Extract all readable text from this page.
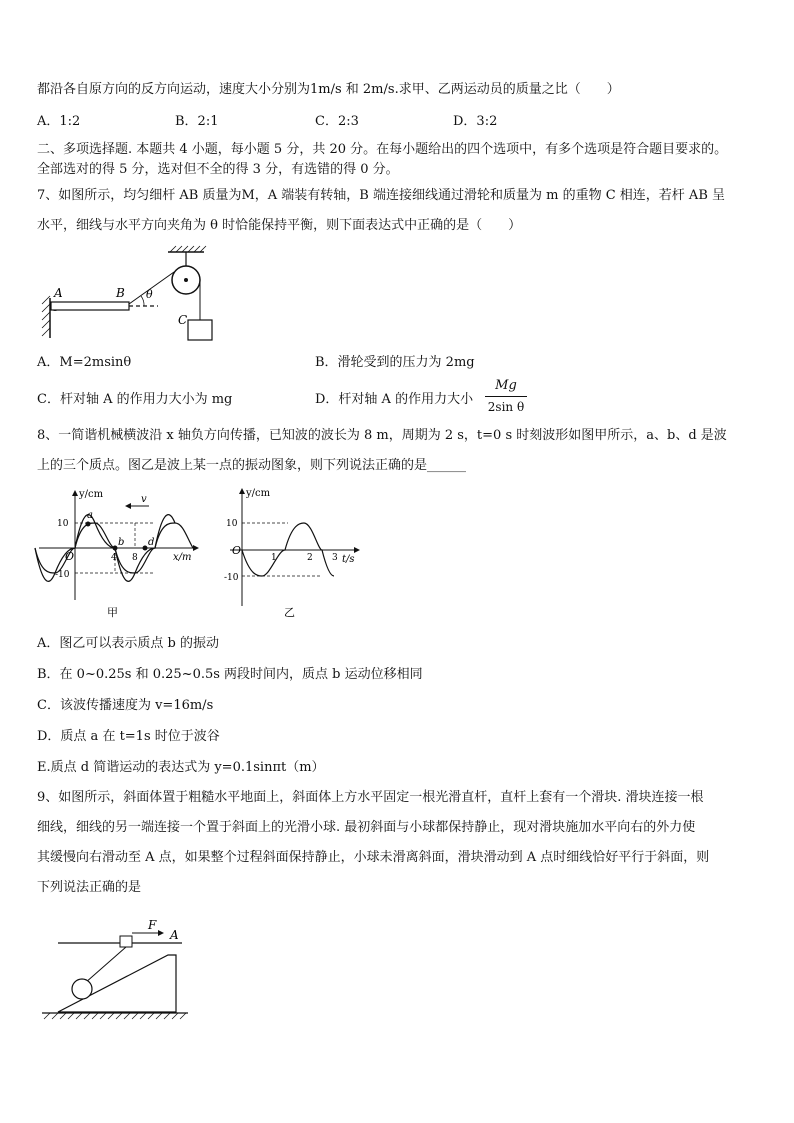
都沿各自原方向的反方向运动，速度大小分别为1m/s 和 2m/s.求甲、乙两运动员的质量之比（　　）
A．1:2	B．2:1	C．2:3	D．3:2
二、多项选择题. 本题共 4 小题，每小题 5 分，共 20 分。在每小题给出的四个选项中，有多个选项是符合题目要求的。
全部选对的得 5 分，选对但不全的得 3 分，有选错的得 0 分。
7、如图所示，均匀细杆 AB 质量为M，A 端装有转轴，B 端连接细线通过滑轮和质量为 m 的重物 C 相连，若杆 AB 呈
水平，细线与水平方向夹角为 θ 时恰能保持平衡，则下面表达式中正确的是（　　）
A	B θ
C
A．M=2msinθ	B．滑轮受到的压力为 2mg
C．杆对轴 A 的作用力大小为 mg	D．杆对轴 A 的作用力大小 $\frac{Mg}{\text{2sin θ}}$
8、一简谐机械横波沿 x 轴负方向传播，已知波的波长为 8 m，周期为 2 s，t=0 s 时刻波形如图甲所示，a、b、d 是波
上的三个质点。图乙是波上某一点的振动图象，则下列说法正确的是______
v
y/cm
x/m
O
10
-10
4 8
a
b d
甲
y/cm
t/s
O
10
-10
1	2 3
乙
A．图乙可以表示质点 b 的振动
B．在 0~0.25s 和 0.25~0.5s 两段时间内，质点 b 运动位移相同
C．该波传播速度为 v=16m/s
D．质点 a 在 t=1s 时位于波谷
E.质点 d 简谐运动的表达式为 y=0.1sinπt（m）
9、如图所示，斜面体置于粗糙水平地面上，斜面体上方水平固定一根光滑直杆，直杆上套有一个滑块. 滑块连接一根
细线，细线的另一端连接一个置于斜面上的光滑小球. 最初斜面与小球都保持静止，现对滑块施加水平向右的外力使
其缓慢向右滑动至 A 点，如果整个过程斜面保持静止，小球未滑离斜面，滑块滑动到 A 点时细线恰好平行于斜面，则
下列说法正确的是
F
A
